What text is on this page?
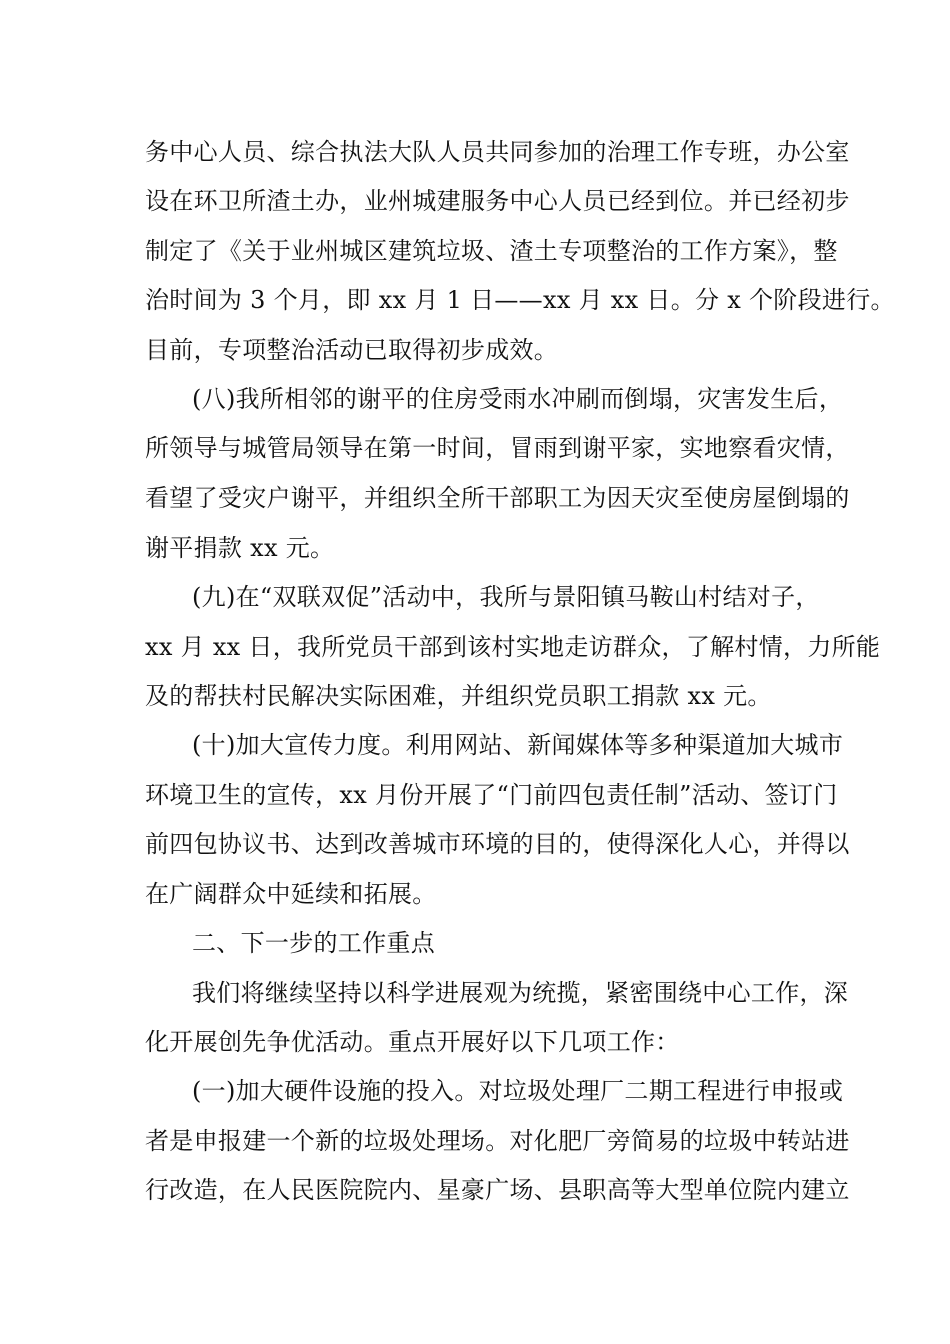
务中心人员、综合执法大队人员共同参加的治理工作专班，办公室
设在环卫所渣土办，业州城建服务中心人员已经到位。并已经初步
制定了《关于业州城区建筑垃圾、渣土专项整治的工作方案》，整
治时间为 3 个月，即 xx 月 1 日——xx 月 xx 日。分 x 个阶段进行。
目前，专项整治活动已取得初步成效。
(八)我所相邻的谢平的住房受雨水冲刷而倒塌，灾害发生后，
所领导与城管局领导在第一时间，冒雨到谢平家，实地察看灾情，
看望了受灾户谢平，并组织全所干部职工为因天灾至使房屋倒塌的
谢平捐款 xx 元。
(九)在“双联双促”活动中，我所与景阳镇马鞍山村结对子，
xx 月 xx 日，我所党员干部到该村实地走访群众，了解村情，力所能
及的帮扶村民解决实际困难，并组织党员职工捐款 xx 元。
(十)加大宣传力度。利用网站、新闻媒体等多种渠道加大城市
环境卫生的宣传，xx 月份开展了“门前四包责任制”活动、签订门
前四包协议书、达到改善城市环境的目的，使得深化人心，并得以
在广阔群众中延续和拓展。
二、下一步的工作重点
我们将继续坚持以科学进展观为统揽，紧密围绕中心工作，深
化开展创先争优活动。重点开展好以下几项工作：
(一)加大硬件设施的投入。对垃圾处理厂二期工程进行申报或
者是申报建一个新的垃圾处理场。对化肥厂旁简易的垃圾中转站进
行改造，在人民医院院内、星豪广场、县职高等大型单位院内建立
